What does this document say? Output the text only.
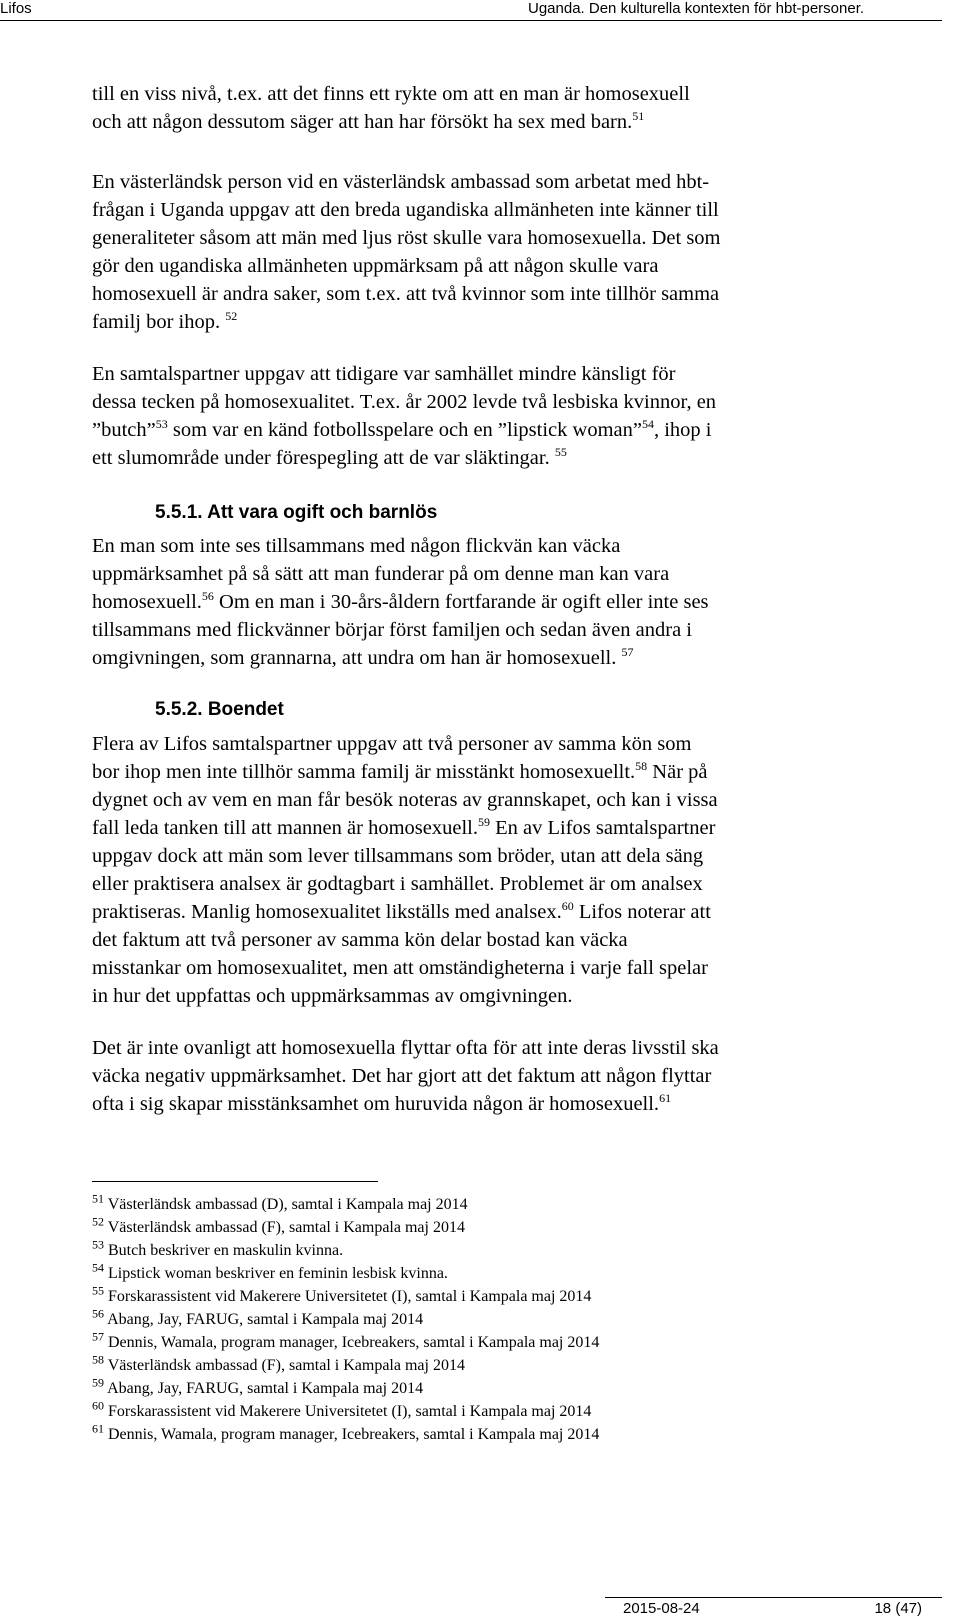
Lifos	Uganda. Den kulturella kontexten för hbt-personer.
till en viss nivå, t.ex. att det finns ett rykte om att en man är homosexuell
och att någon dessutom säger att han har försökt ha sex med barn.$^{51}$
En västerländsk person vid en västerländsk ambassad som arbetat med hbt-
frågan i Uganda uppgav att den breda ugandiska allmänheten inte känner till
generaliteter såsom att män med ljus röst skulle vara homosexuella. Det som
gör den ugandiska allmänheten uppmärksam på att någon skulle vara
homosexuell är andra saker, som t.ex. att två kvinnor som inte tillhör samma
familj bor ihop. $^{52}$
En samtalspartner uppgav att tidigare var samhället mindre känsligt för
dessa tecken på homosexualitet. T.ex. år 2002 levde två lesbiska kvinnor, en
”butch”$^{53}$ som var en känd fotbollsspelare och en ”lipstick woman”$^{54}$, ihop i
ett slumområde under förespegling att de var släktingar. $^{55}$
5.5.1. Att vara ogift och barnlös
En man som inte ses tillsammans med någon flickvän kan väcka
uppmärksamhet på så sätt att man funderar på om denne man kan vara
homosexuell.$^{56}$ Om en man i 30-års-åldern fortfarande är ogift eller inte ses
tillsammans med flickvänner börjar först familjen och sedan även andra i
omgivningen, som grannarna, att undra om han är homosexuell. $^{57}$
5.5.2. Boendet
Flera av Lifos samtalspartner uppgav att två personer av samma kön som
bor ihop men inte tillhör samma familj är misstänkt homosexuellt.$^{58}$ När på
dygnet och av vem en man får besök noteras av grannskapet, och kan i vissa
fall leda tanken till att mannen är homosexuell.$^{59}$ En av Lifos samtalspartner
uppgav dock att män som lever tillsammans som bröder, utan att dela säng
eller praktisera analsex är godtagbart i samhället. Problemet är om analsex
praktiseras. Manlig homosexualitet likställs med analsex.$^{60}$ Lifos noterar att
det faktum att två personer av samma kön delar bostad kan väcka
misstankar om homosexualitet, men att omständigheterna i varje fall spelar
in hur det uppfattas och uppmärksammas av omgivningen.
Det är inte ovanligt att homosexuella flyttar ofta för att inte deras livsstil ska
väcka negativ uppmärksamhet. Det har gjort att det faktum att någon flyttar
ofta i sig skapar misstänksamhet om huruvida någon är homosexuell.$^{61}$
$^{51}$ Västerländsk ambassad (D), samtal i Kampala maj 2014
$^{52}$ Västerländsk ambassad (F), samtal i Kampala maj 2014
$^{53}$ Butch beskriver en maskulin kvinna.
$^{54}$ Lipstick woman beskriver en feminin lesbisk kvinna.
$^{55}$ Forskarassistent vid Makerere Universitetet (I), samtal i Kampala maj 2014
$^{56}$ Abang, Jay, FARUG, samtal i Kampala maj 2014
$^{57}$ Dennis, Wamala, program manager, Icebreakers, samtal i Kampala maj 2014
$^{58}$ Västerländsk ambassad (F), samtal i Kampala maj 2014
$^{59}$ Abang, Jay, FARUG, samtal i Kampala maj 2014
$^{60}$ Forskarassistent vid Makerere Universitetet (I), samtal i Kampala maj 2014
$^{61}$ Dennis, Wamala, program manager, Icebreakers, samtal i Kampala maj 2014
2015-08-24	18 (47)
